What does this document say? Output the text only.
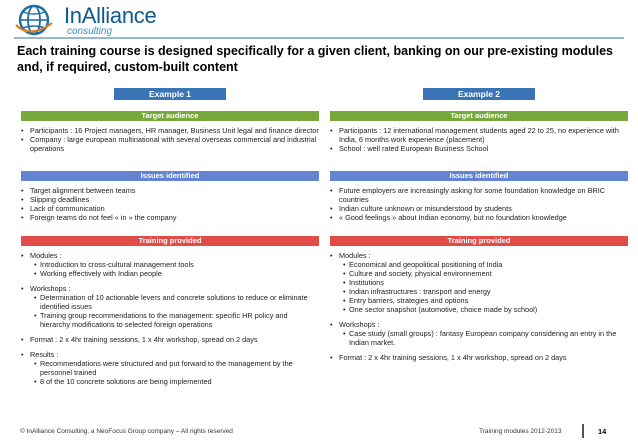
InAlliance
consulting
Each training course is designed specifically for a given client, banking on our pre-existing modules and, if required, custom-built content
Example 1
Target audience
• Participants : 16 Project managers, HR manager, Business Unit legal and finance director
• Company : large european multinational with several overseas commercial and industrial operations
Issues identified
• Target alignment between teams
• Slipping deadlines
• Lack of communication
• Foreign teams do not feel « in » the company
Training provided
• Modules :
• Introduction to cross-cultural management tools
• Working effectively with Indian people
• Workshops :
• Determination of 10 actionable levers and concrete solutions to reduce or eliminate identified issues
• Training group recommendations to the management: specific HR policy and hierarchy modifications to selected foreign operations
• Format : 2 x 4hr training sessions, 1 x 4hr workshop, spread on 2 days
• Results :
• Recommendations were structured and put forward to the management by the personnel trained
• 8 of the 10 concrete solutions are being implemented
Example 2
Target audience
• Participants : 12 international management students aged 22 to 25, no experience with India, 6 months work experience (placement)
• School : well rated European Business School
Issues identified
• Future employers are increasingly asking for some foundation knowledge on BRIC countries
• Indian culture unknown or misunderstood by students
• « Good feelings » about Indian economy, but no foundation knowledge
Training provided
• Modules :
• Economical and geopolitical positioning of India
• Culture and society, physical environnement
• Institutions
• Indian infrastructures : transport and energy
• Entry barriers, strategies and options
• One sector snapshot (automotive, choice made by school)
• Workshops :
• Case study (small groups) : fantasy European company considering an entry in the Indian market.
• Format : 2 x 4hr training sessions, 1 x 4hr workshop, spread on 2 days
© InAlliance Consulting, a NeoFocus Group company – All rights reserved	Training modules 2012-2013	14
